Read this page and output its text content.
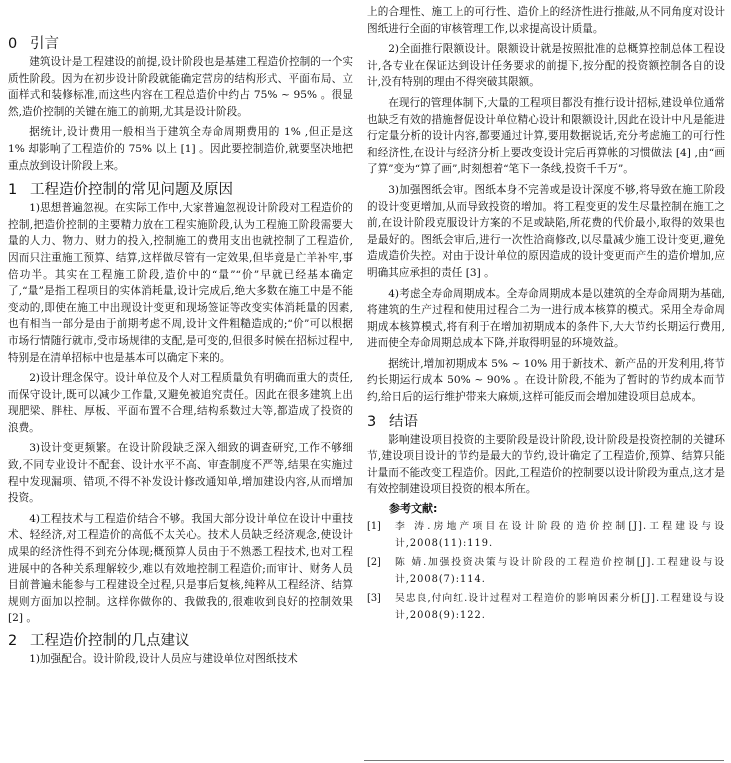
0 引言

建筑设计是工程建设的前提,设计阶段也是基建工程造价控制的一个实质性阶段。因为在初步设计阶段就能确定营房的结构形式、平面布局、立面样式和装修标准,而这些内容在工程总造价中约占 75% ~ 95% 。很显然,造价控制的关键在施工的前期,尤其是设计阶段。

据统计,设计费用一般相当于建筑全寿命周期费用的 1% ,但正是这 1% 却影响了工程造价的 75% 以上 [1] 。因此要控制造价,就要坚决地把重点放到设计阶段上来。

1 工程造价控制的常见问题及原因

1)思想普遍忽视。在实际工作中,大家普遍忽视设计阶段对工程造价的控制,把造价控制的主要精力放在工程实施阶段,认为工程施工阶段需要大量的人力、物力、财力的投入,控制施工的费用支出也就控制了工程造价,因而只注重施工预算、结算,这样做尽管有一定效果,但毕竟是亡羊补牢,事倍功半。其实在工程施工阶段,造价中的“量”“价”早就已经基本确定了,“量”是指工程项目的实体消耗量,设计完成后,绝大多数在施工中是不能变动的,即使在施工中出现设计变更和现场签证等改变实体消耗量的因素,也有相当一部分是由于前期考虑不周,设计文件粗糙造成的;“价”可以根据市场行情随行就市,受市场规律的支配,是可变的,但很多时候在招标过程中,特别是在清单招标中也是基本可以确定下来的。

2)设计理念保守。设计单位及个人对工程质量负有明确而重大的责任,而保守设计,既可以减少工作量,又避免被追究责任。因此在很多建筑上出现肥梁、胖柱、厚板、平面布置不合理,结构系数过大等,都造成了投资的浪费。

3)设计变更频繁。在设计阶段缺乏深入细致的调查研究,工作不够细致,不同专业设计不配套、设计水平不高、审查制度不严等,结果在实施过程中发现漏项、错项,不得不补发设计修改通知单,增加建设内容,从而增加投资。

4)工程技术与工程造价结合不够。我国大部分设计单位在设计中重技术、轻经济,对工程造价的高低不太关心。技术人员缺乏经济观念,使设计成果的经济性得不到充分体现;概预算人员由于不熟悉工程技术,也对工程进展中的各种关系理解较少,难以有效地控制工程造价;而审计、财务人员目前普遍未能参与工程建设全过程,只是事后复核,纯粹从工程经济、结算规则方面加以控制。这样你做你的、我做我的,很难收到良好的控制效果 [2] 。

2 工程造价控制的几点建议

1)加强配合。设计阶段,设计人员应与建设单位对图纸技术

上的合理性、施工上的可行性、造价上的经济性进行推敲,从不同角度对设计图纸进行全面的审核管理工作,以求提高设计质量。

2)全面推行限额设计。限额设计就是按照批准的总概算控制总体工程设计,各专业在保证达到设计任务要求的前提下,按分配的投资额控制各自的设计,没有特别的理由不得突破其限额。

在现行的管理体制下,大量的工程项目都没有推行设计招标,建设单位通常也缺乏有效的措施督促设计单位精心设计和限额设计,因此在设计中凡是能进行定量分析的设计内容,都要通过计算,要用数据说话,充分考虑施工的可行性和经济性,在设计与经济分析上要改变设计完后再算帐的习惯做法 [4] ,由“画了算”变为“算了画”,时刻想着“笔下一条线,投资千千万”。

3)加强图纸会审。图纸本身不完善或是设计深度不够,将导致在施工阶段的设计变更增加,从而导致投资的增加。将工程变更的发生尽量控制在施工之前,在设计阶段克服设计方案的不足或缺陷,所花费的代价最小,取得的效果也是最好的。图纸会审后,进行一次性洽商修改,以尽量减少施工设计变更,避免造成造价失控。对由于设计单位的原因造成的设计变更而产生的造价增加,应明确其应承担的责任 [3] 。

4)考虑全寿命周期成本。全寿命周期成本是以建筑的全寿命周期为基础,将建筑的生产过程和使用过程合二为一进行成本核算的模式。采用全寿命周期成本核算模式,将有利于在增加初期成本的条件下,大大节约长期运行费用,进而使全寿命周期总成本下降,并取得明显的环境效益。

据统计,增加初期成本 5% ~ 10% 用于新技术、新产品的开发利用,将节约长期运行成本 50% ~ 90% 。在设计阶段,不能为了暂时的节约成本而节约,给日后的运行维护带来大麻烦,这样可能反而会增加建设项目总成本。

3 结语

影响建设项目投资的主要阶段是设计阶段,设计阶段是投资控制的关键环节,建设项目设计的节约是最大的节约,设计确定了工程造价,预算、结算只能计量而不能改变工程造价。因此,工程造价的控制要以设计阶段为重点,这才是有效控制建设项目投资的根本所在。

参考文献:

[1]	李 涛.房地产项目在设计阶段的造价控制[J].工程建设与设计,2008(11):119.
[2]	陈 婧.加强投资决策与设计阶段的工程造价控制[J].工程建设与设计,2008(7):114.
[3]	吴忠良,付向红.设计过程对工程造价的影响因素分析[J].工程建设与设计,2008(9):122.
